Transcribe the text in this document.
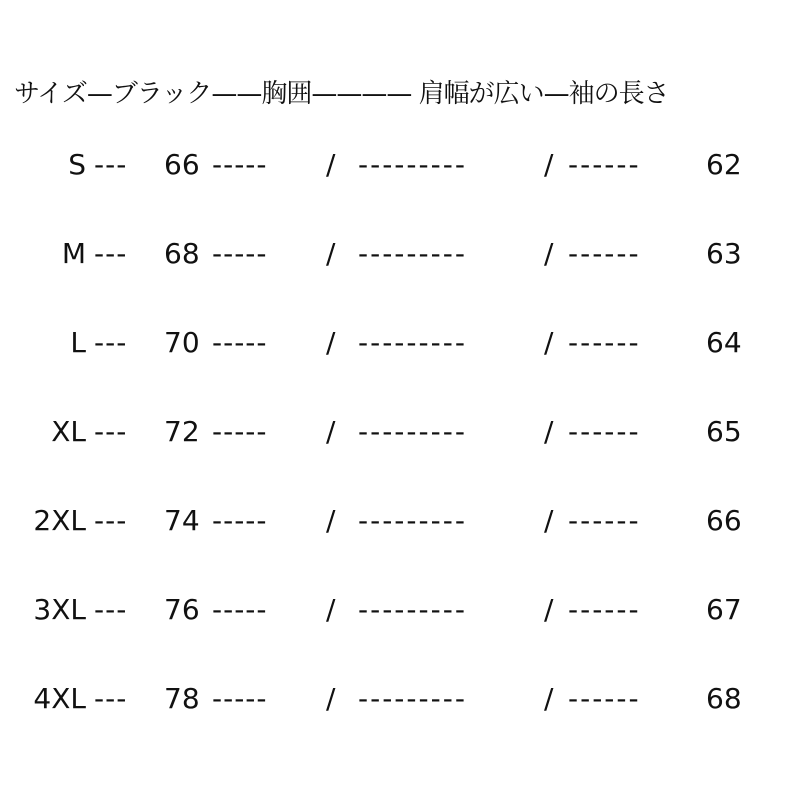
サイズ—ブラック——胸囲———— 肩幅が広い—袖の長さ
S --- 66 ----- / ---------	/ ------ 62
M --- 68 ----- / ---------	/ ------ 63
L --- 70 ----- / ---------	/ ------ 64
XL --- 72 ----- / ---------	/ ------ 65
2XL --- 74 ----- / ---------	/ ------ 66
3XL --- 76 ----- / ---------	/ ------ 67
4XL --- 78 ----- / ---------	/ ------ 68
